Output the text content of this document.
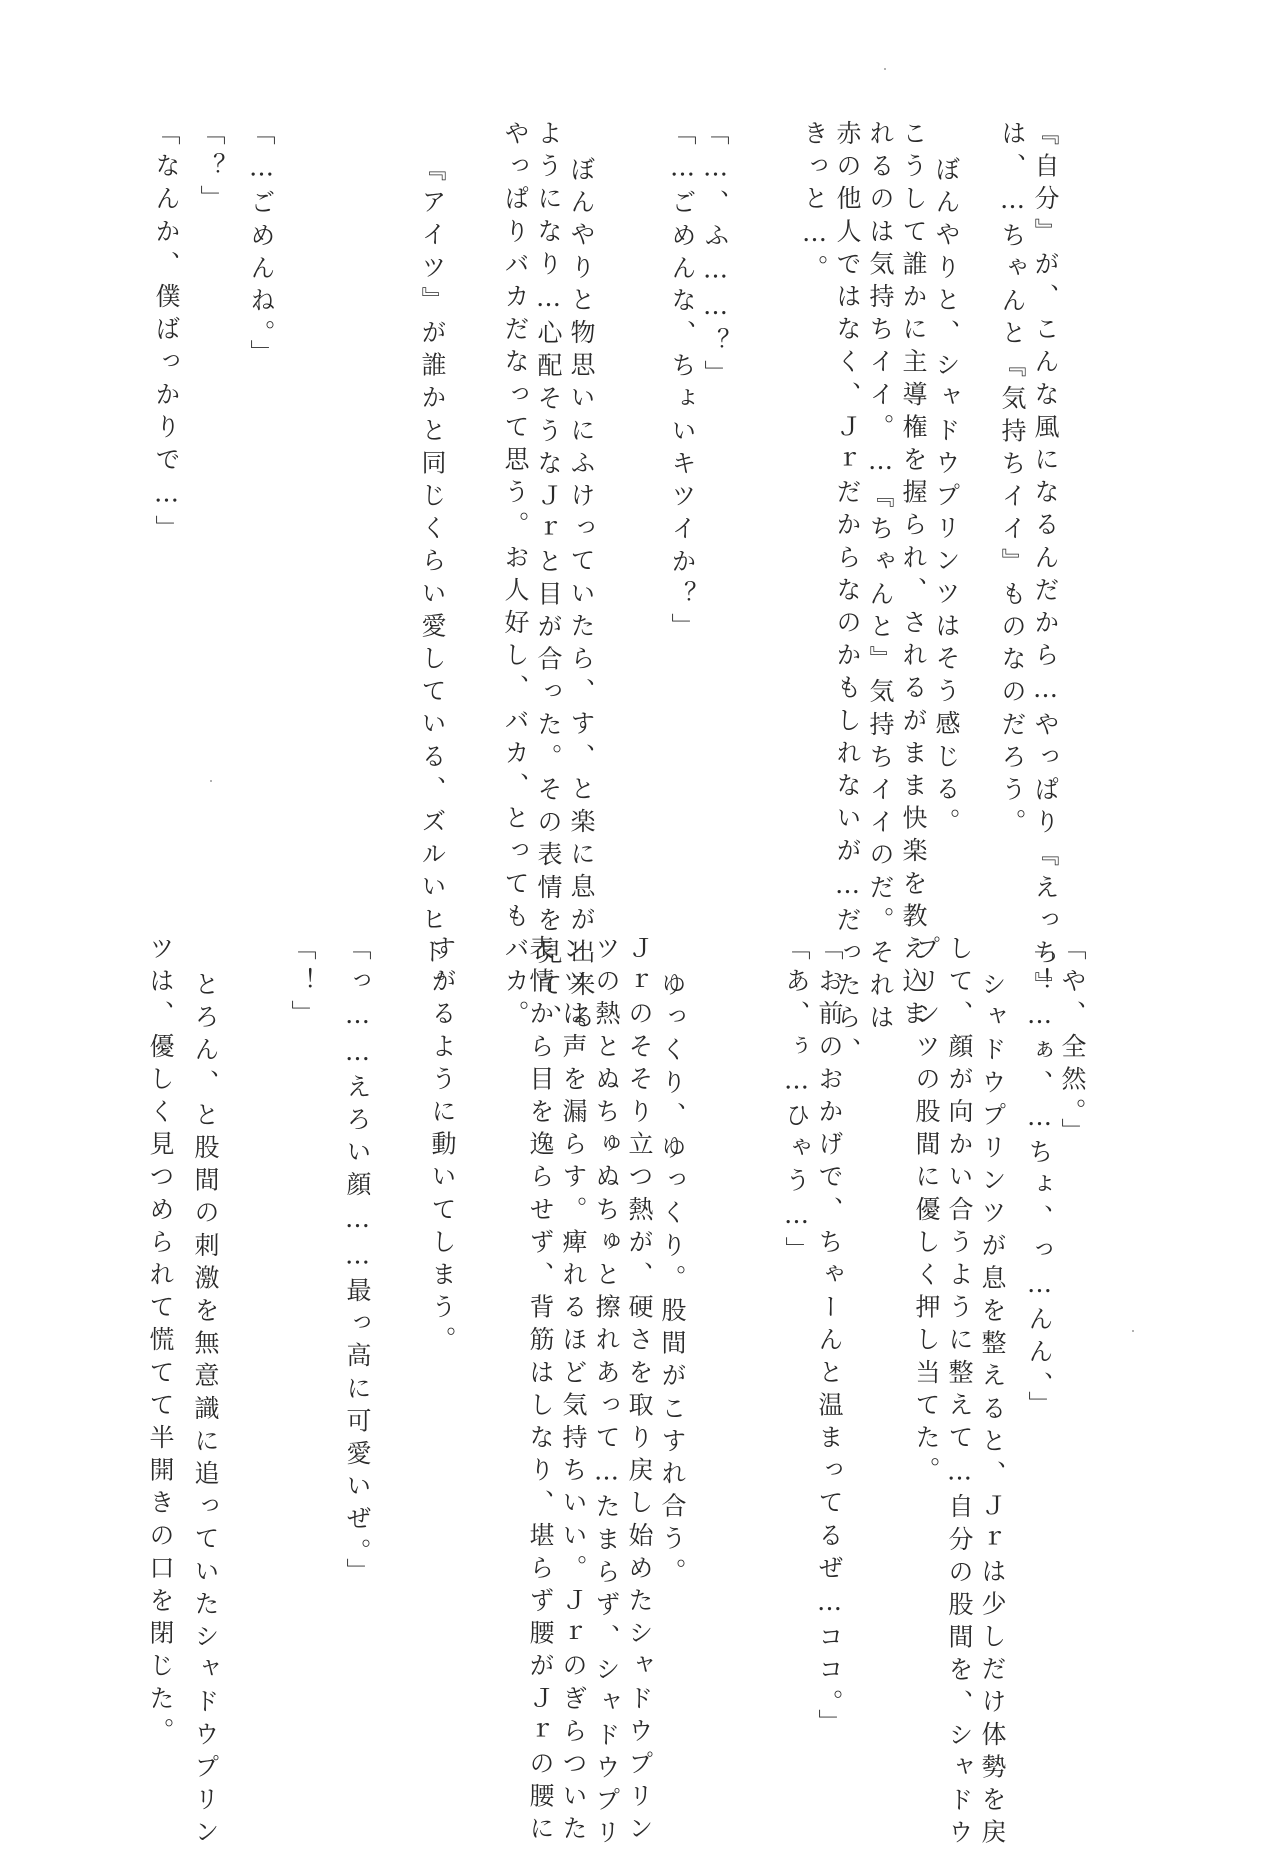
『自分』が、こんな風になるんだから…やっぱり『えっち』
は、…ちゃんと『気持ちイイ』ものなのだろう。
ぼんやりと、シャドウプリンツはそう感じる。
こうして誰かに主導権を握られ、されるがまま快楽を教え込ま
れるのは気持ちイイ。…『ちゃんと』気持ちイイのだ。それは
赤の他人ではなく、Ｊｒだからなのかもしれないが…だったら、
きっと…。
「…、ふ……？」
「…ごめんな、ちょいキツイか？」
ぼんやりと物思いにふけっていたら、す、と楽に息が出来る
ようになり…心配そうなＪｒと目が合った。その表情を見て、
やっぱりバカだなって思う。お人好し、バカ、とってもバカ。
『アイツ』が誰かと同じくらい愛している、ズルいヒト。
「…ごめんね。」
「？」
「なんか、僕ばっかりで…」
「や、全然。」
「！…ぁ、…ちょ、っ…んん、」
シャドウプリンツが息を整えると、Ｊｒは少しだけ体勢を戻
して、顔が向かい合うように整えて…自分の股間を、シャドウ
プリンツの股間に優しく押し当てた。
「お前のおかげで、ちゃーんと温まってるぜ…ココ。」
「あ、ぅ…ひゃう…」
ゆっくり、ゆっくり。股間がこすれ合う。
Ｊｒのそそり立つ熱が、硬さを取り戻し始めたシャドウプリン
ツの熱とぬちゅぬちゅと擦れあって…たまらず、シャドウプリ
ンツは声を漏らす。痺れるほど気持ちいい。Ｊｒのぎらついた
表情から目を逸らせず、背筋はしなり、堪らず腰がＪｒの腰に
すがるように動いてしまう。
「っ……えろい顔……最っ高に可愛いぜ。」
「！」
とろん、と股間の刺激を無意識に追っていたシャドウプリン
ツは、優しく見つめられて慌てて半開きの口を閉じた。
